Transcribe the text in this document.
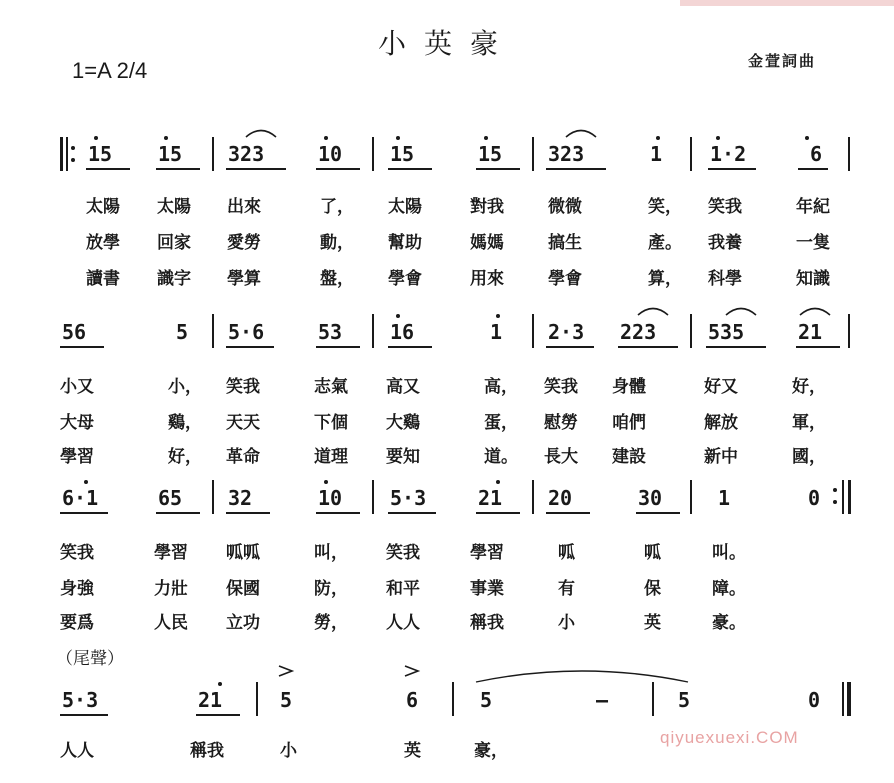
小英豪
1=A 2/4	金萱詞曲
15 15 323	10 15	15 323	1 1·2	6
太陽 太陽 出來	了， 太陽	對我	微微	笑， 笑我	年紀
放學 回家 愛勞	動， 幫助	媽媽	搞生	產。 我養	一隻
讀書 識字 學算	盤， 學會	用來	學會	算， 科學	知識
56	5 5·6	53 16	1 2·3 223	535	21
小又	小， 笑我	志氣 高又	高， 笑我 身體	好又	好，
大母	鷄， 天天	下個 大鷄	蛋， 慰勞 咱們	解放	軍，
學習	好， 革命	道理 要知	道。 長大 建設	新中	國，
6·1	65 32	10 5·3	21 20	30	1	0
笑我	學習 呱呱	叫， 笑我	學習	呱	呱	叫。
身強	力壯 保國	防， 和平	事業	有	保	障。
要爲	人民 立功	勞， 人人	稱我	小	英	豪。
（尾聲）
5·3	21	5	6	5	—	5	0
人人	稱我	小	英	豪，
qiyuexuexi.COM
